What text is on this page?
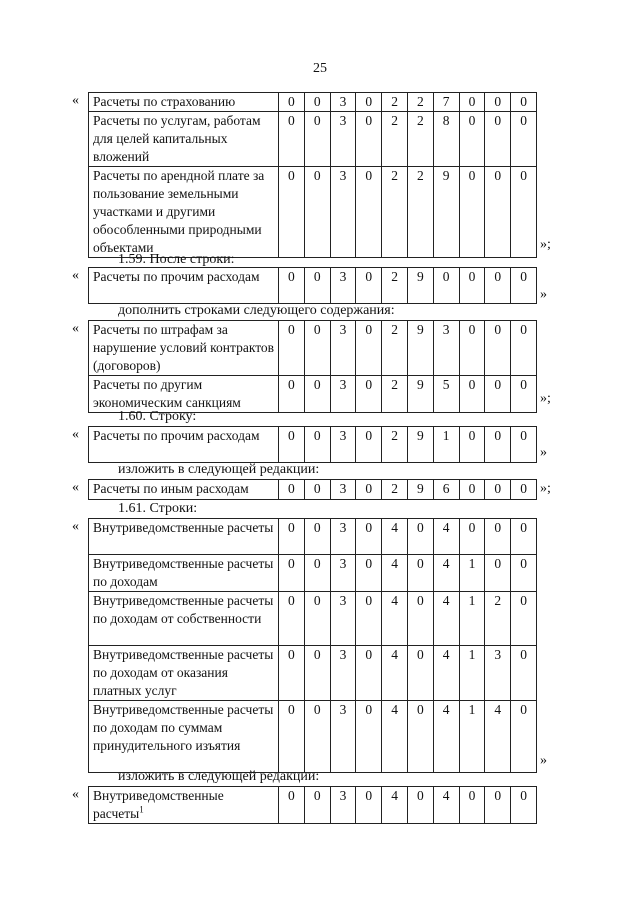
25
« Расчеты по страхованию	0	0	3	0	2	2	7	0	0	0
Расчеты по услугам, работам для целей капитальных вложений	0	0	3	0	2	2	8	0	0	0
Расчеты по арендной плате за пользование земельными участками и другими обособленными природными объектами	0	0	3	0	2	2	9	0	0	0
»;
1.59. После строки:
« Расчеты по прочим расходам	0	0	3	0	2	9	0	0	0	0
»
дополнить строками следующего содержания:
« Расчеты по штрафам за нарушение условий контрактов (договоров)	0	0	3	0	2	9	3	0	0	0
Расчеты по другим экономическим санкциям	0	0	3	0	2	9	5	0	0	0
»;
1.60. Строку:
« Расчеты по прочим расходам	0	0	3	0	2	9	1	0	0	0
»
изложить в следующей редакции:
« Расчеты по иным расходам	0	0	3	0	2	9	6	0	0	0 »;
1.61. Строки:
« Внутриведомственные расчеты	0	0	3	0	4	0	4	0	0	0
Внутриведомственные расчеты по доходам	0	0	3	0	4	0	4	1	0	0
Внутриведомственные расчеты по доходам от собственности	0	0	3	0	4	0	4	1	2	0
Внутриведомственные расчеты по доходам от оказания платных услуг	0	0	3	0	4	0	4	1	3	0
Внутриведомственные расчеты по доходам по суммам принудительного изъятия	0	0	3	0	4	0	4	1	4	0
»
изложить в следующей редакции:
« Внутриведомственные расчеты$^1$	0	0	3	0	4	0	4	0	0	0
